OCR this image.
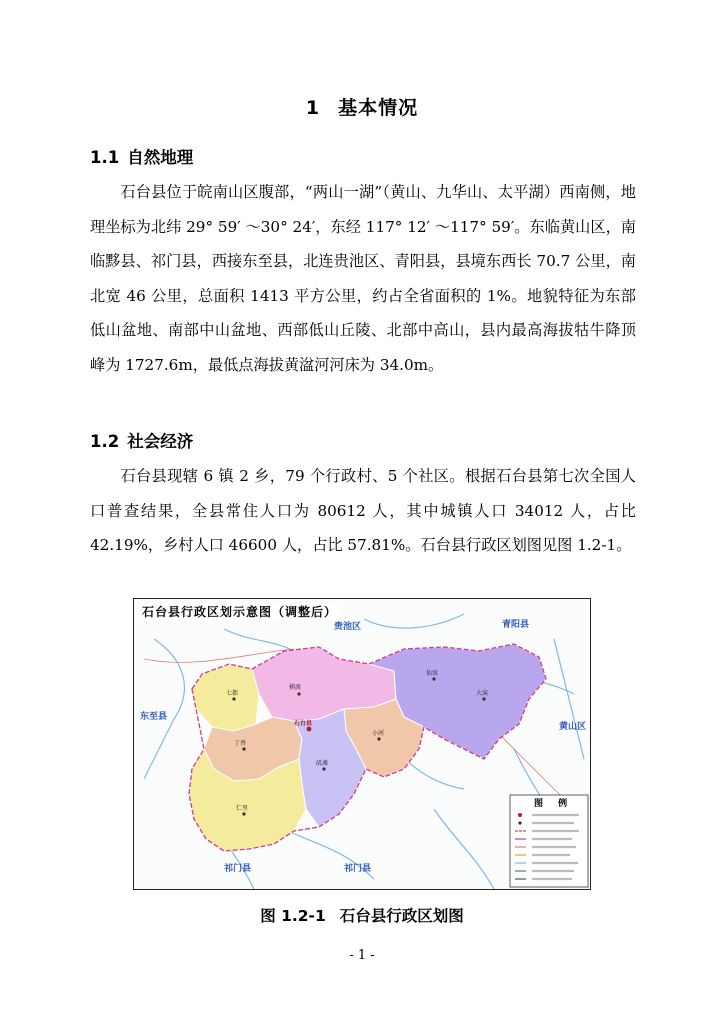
1 基本情况
1.1 自然地理
石台县位于皖南山区腹部，“两山一湖”（黄山、九华山、太平湖）西南侧，地理坐标为北纬 29° 59′ ～30° 24′，东经 117° 12′ ～117° 59′。东临黄山区，南临黟县、祁门县，西接东至县，北连贵池区、青阳县，县境东西长 70.7 公里，南北宽 46 公里，总面积 1413 平方公里，约占全省面积的 1%。地貌特征为东部低山盆地、南部中山盆地、西部低山丘陵、北部中高山，县内最高海拔牯牛降顶峰为 1727.6m，最低点海拔黄湓河河床为 34.0m。
1.2 社会经济
石台县现辖 6 镇 2 乡，79 个行政村、5 个社区。根据石台县第七次全国人口普查结果，全县常住人口为 80612 人，其中城镇人口 34012 人，占比 42.19%，乡村人口 46600 人，占比 57.81%。石台县行政区划图见图 1.2-1。
七都
横渡
仙寓
大演
丁香
小河
矶滩
仁里
石台县
贵池区	青阳县
黄山区
东至县
祁门县	祁门县
图 例
石台县行政区划示意图（调整后）
图 1.2-1 石台县行政区划图
- 1 -
